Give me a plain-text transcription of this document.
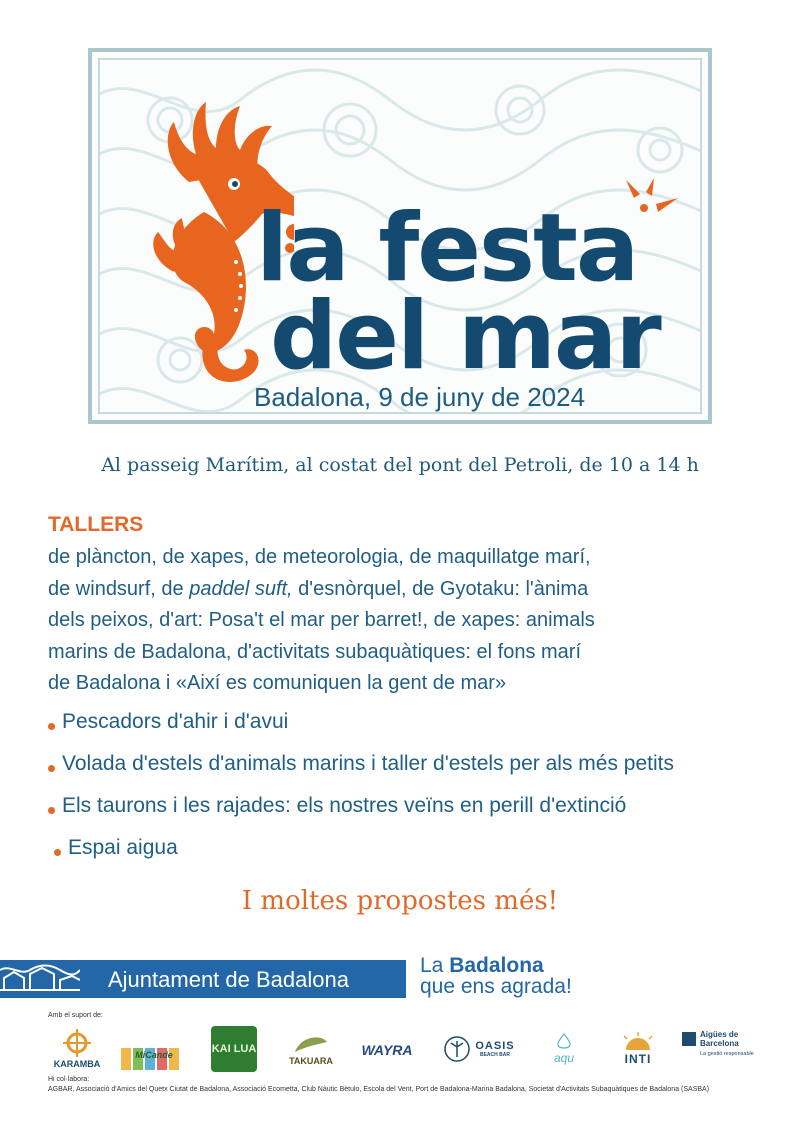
la festa
del mar
Badalona, 9 de juny de 2024
Al passeig Marítim, al costat del pont del Petroli, de 10 a 14 h
TALLERS
de plàncton, de xapes, de meteorologia, de maquillatge marí,
de windsurf, de paddel suft, d'esnòrquel, de Gyotaku: l'ànima
dels peixos, d'art: Posa't el mar per barret!, de xapes: animals
marins de Badalona, d'activitats subaquàtiques: el fons marí
de Badalona i «Així es comuniquen la gent de mar»
Pescadors d'ahir i d'avui
Volada d'estels d'animals marins i taller d'estels per als més petits
Els taurons i les rajades: els nostres veïns en perill d'extinció
Espai aigua
I moltes propostes més!
Ajuntament de Badalona
La Badalona
que ens agrada!
Amb el suport de:
KARAMBA
MiCande	KAI LUA
TAKUARA
WAYRA	OASIS
BEACH BAR	aqu	INTI
Aigües de Barcelona
La gestió responsable
Hi col·labora:
AGBAR, Associació d'Amics del Quetx Ciutat de Badalona, Associació Ecometta, Club Nàutic Bètulo, Escola del Vent, Port de Badalona-Marina Badalona, Societat d'Activitats Subaquàtiques de Badalona (SASBA)
